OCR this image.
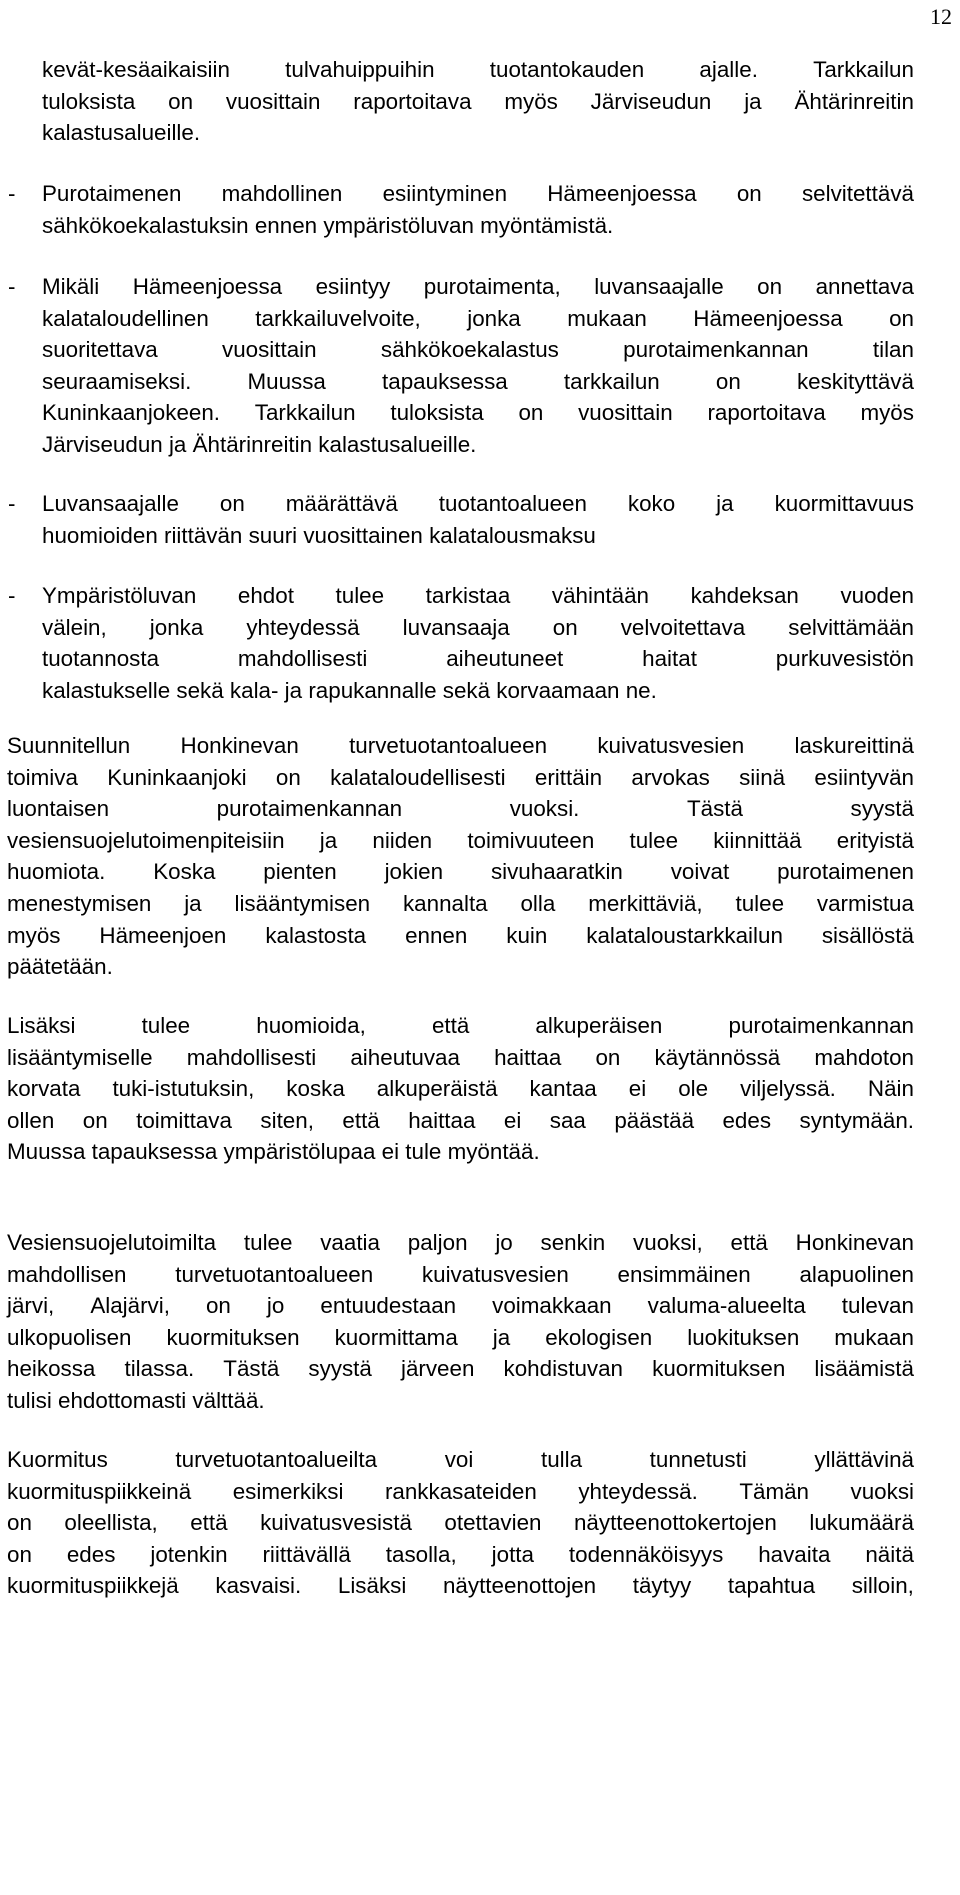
12
kevät-kesäaikaisiin tulvahuippuihin tuotantokauden ajalle. Tarkkailun
tuloksista on vuosittain raportoitava myös Järviseudun ja Ähtärinreitin
kalastusalueille.
- Purotaimenen mahdollinen esiintyminen Hämeenjoessa on selvitettävä
sähkökoekalastuksin ennen ympäristöluvan myöntämistä.
- Mikäli Hämeenjoessa esiintyy purotaimenta, luvansaajalle on annettava
kalataloudellinen tarkkailuvelvoite, jonka mukaan Hämeenjoessa on
suoritettava	vuosittain	sähkökoekalastus	purotaimenkannan	tilan
seuraamiseksi.	Muussa	tapauksessa	tarkkailun	on	keskityttävä
Kuninkaanjokeen. Tarkkailun tuloksista on vuosittain raportoitava myös
Järviseudun ja Ähtärinreitin kalastusalueille.
- Luvansaajalle on määrättävä tuotantoalueen koko ja kuormittavuus
huomioiden riittävän suuri vuosittainen kalatalousmaksu
- Ympäristöluvan ehdot tulee tarkistaa vähintään kahdeksan vuoden
välein, jonka yhteydessä luvansaaja on velvoitettava selvittämään
tuotannosta	mahdollisesti	aiheutuneet	haitat	purkuvesistön
kalastukselle sekä kala- ja rapukannalle sekä korvaamaan ne.
Suunnitellun Honkinevan turvetuotantoalueen kuivatusvesien laskureittinä
toimiva Kuninkaanjoki on kalataloudellisesti erittäin arvokas siinä esiintyvän
luontaisen	purotaimenkannan	vuoksi.	Tästä	syystä
vesiensuojelutoimenpiteisiin ja niiden toimivuuteen tulee kiinnittää erityistä
huomiota. Koska pienten jokien sivuhaaratkin voivat purotaimenen
menestymisen ja lisääntymisen kannalta olla merkittäviä, tulee varmistua
myös Hämeenjoen kalastosta ennen kuin kalataloustarkkailun sisällöstä
päätetään.
Lisäksi	tulee	huomioida,	että	alkuperäisen	purotaimenkannan
lisääntymiselle mahdollisesti aiheutuvaa haittaa on käytännössä mahdoton
korvata tuki-istutuksin, koska alkuperäistä kantaa ei ole viljelyssä. Näin
ollen on toimittava siten, että haittaa ei saa päästää edes syntymään.
Muussa tapauksessa ympäristölupaa ei tule myöntää.
Vesiensuojelutoimilta tulee vaatia paljon jo senkin vuoksi, että Honkinevan
mahdollisen turvetuotantoalueen kuivatusvesien ensimmäinen alapuolinen
järvi, Alajärvi, on jo entuudestaan voimakkaan valuma-alueelta tulevan
ulkopuolisen kuormituksen kuormittama ja ekologisen luokituksen mukaan
heikossa tilassa. Tästä syystä järveen kohdistuvan kuormituksen lisäämistä
tulisi ehdottomasti välttää.
Kuormitus	turvetuotantoalueilta	voi	tulla	tunnetusti	yllättävinä
kuormituspiikkeinä esimerkiksi rankkasateiden yhteydessä. Tämän vuoksi
on oleellista, että kuivatusvesistä otettavien näytteenottokertojen lukumäärä
on edes jotenkin riittävällä tasolla, jotta todennäköisyys havaita näitä
kuormituspiikkejä kasvaisi. Lisäksi näytteenottojen täytyy tapahtua silloin,
